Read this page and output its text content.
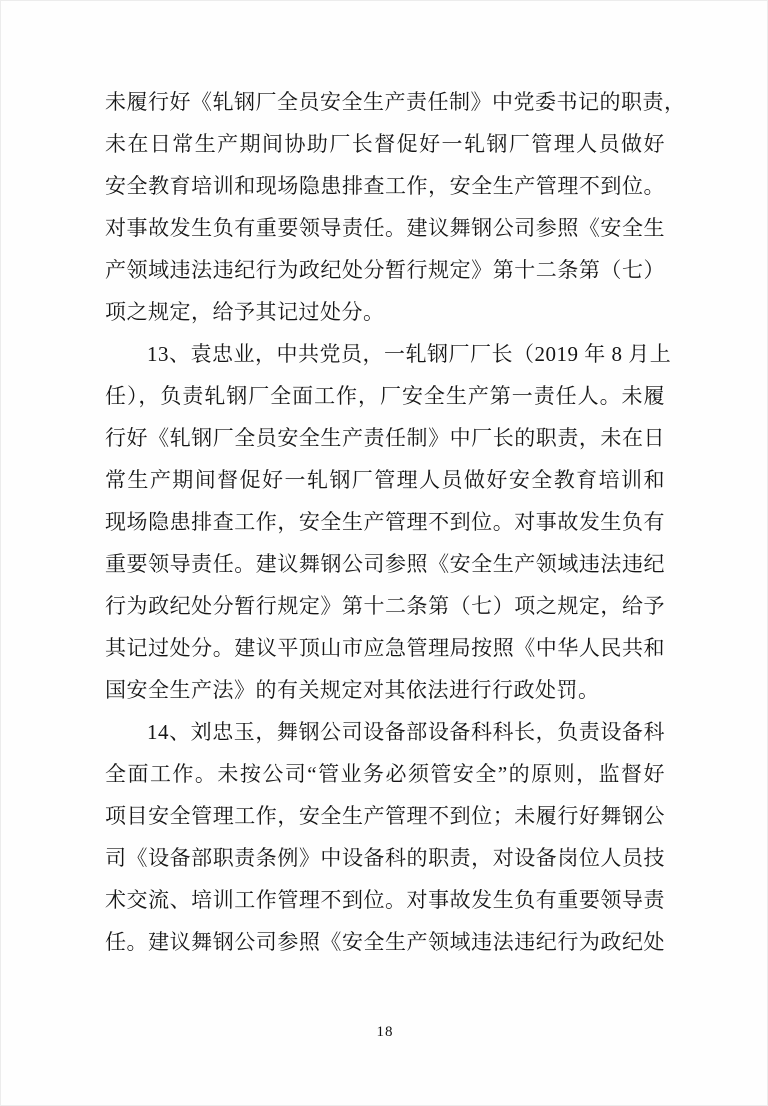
未履行好《轧钢厂全员安全生产责任制》中党委书记的职责，
未在日常生产期间协助厂长督促好一轧钢厂管理人员做好
安全教育培训和现场隐患排查工作，安全生产管理不到位。
对事故发生负有重要领导责任。建议舞钢公司参照《安全生
产领域违法违纪行为政纪处分暂行规定》第十二条第（七）
项之规定，给予其记过处分。
13、袁忠业，中共党员，一轧钢厂厂长（2019 年 8 月上
任），负责轧钢厂全面工作，厂安全生产第一责任人。未履
行好《轧钢厂全员安全生产责任制》中厂长的职责，未在日
常生产期间督促好一轧钢厂管理人员做好安全教育培训和
现场隐患排查工作，安全生产管理不到位。对事故发生负有
重要领导责任。建议舞钢公司参照《安全生产领域违法违纪
行为政纪处分暂行规定》第十二条第（七）项之规定，给予
其记过处分。建议平顶山市应急管理局按照《中华人民共和
国安全生产法》的有关规定对其依法进行行政处罚。
14、刘忠玉，舞钢公司设备部设备科科长，负责设备科
全面工作。未按公司“管业务必须管安全”的原则，监督好
项目安全管理工作，安全生产管理不到位；未履行好舞钢公
司《设备部职责条例》中设备科的职责，对设备岗位人员技
术交流、培训工作管理不到位。对事故发生负有重要领导责
任。建议舞钢公司参照《安全生产领域违法违纪行为政纪处
18
